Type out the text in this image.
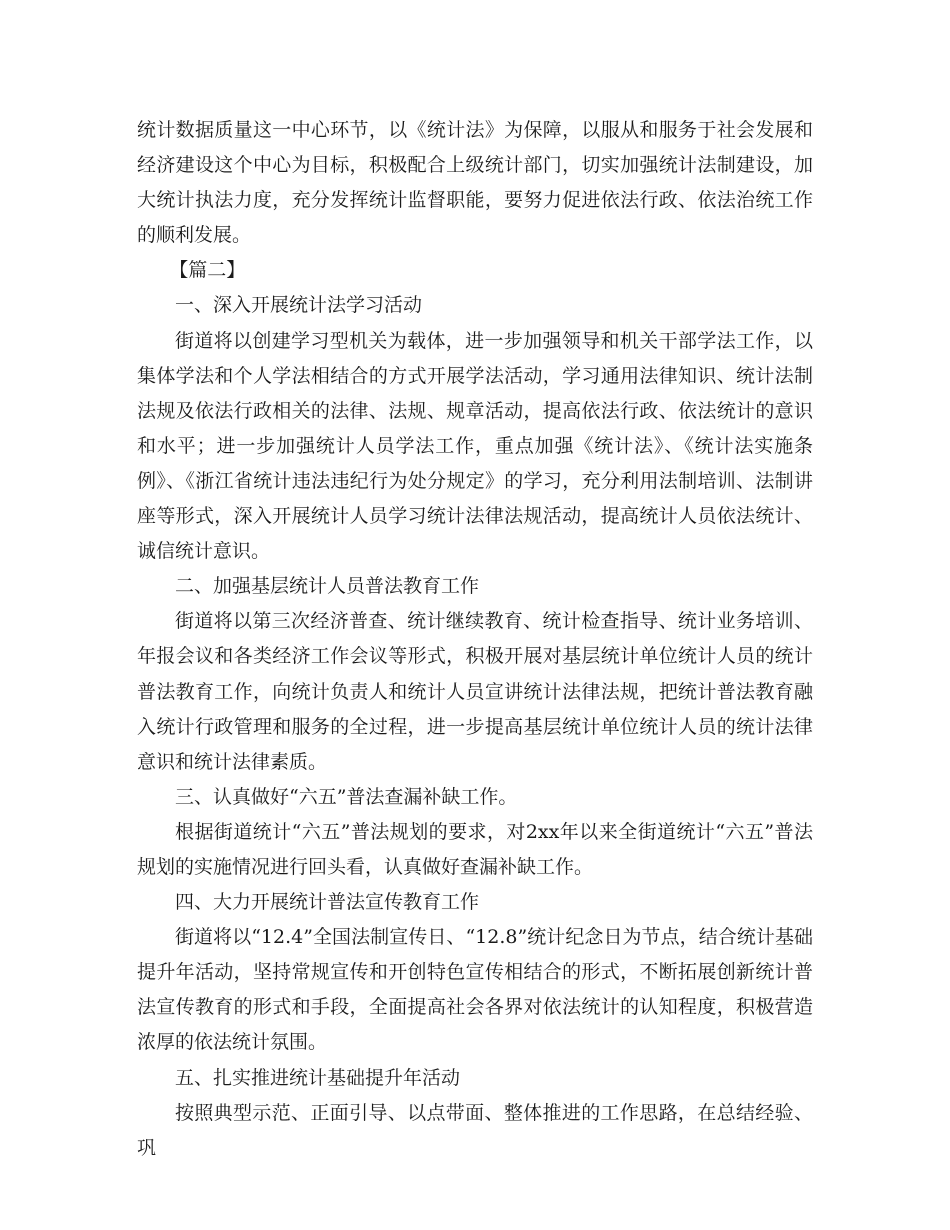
统计数据质量这一中心环节，以《统计法》为保障，以服从和服务于社会发展和经济建设这个中心为目标，积极配合上级统计部门，切实加强统计法制建设，加大统计执法力度，充分发挥统计监督职能，要努力促进依法行政、依法治统工作的顺利发展。

【篇二】

一、深入开展统计法学习活动

街道将以创建学习型机关为载体，进一步加强领导和机关干部学法工作，以集体学法和个人学法相结合的方式开展学法活动，学习通用法律知识、统计法制法规及依法行政相关的法律、法规、规章活动，提高依法行政、依法统计的意识和水平；进一步加强统计人员学法工作，重点加强《统计法》、《统计法实施条例》、《浙江省统计违法违纪行为处分规定》的学习，充分利用法制培训、法制讲座等形式，深入开展统计人员学习统计法律法规活动，提高统计人员依法统计、诚信统计意识。

二、加强基层统计人员普法教育工作

街道将以第三次经济普查、统计继续教育、统计检查指导、统计业务培训、年报会议和各类经济工作会议等形式，积极开展对基层统计单位统计人员的统计普法教育工作，向统计负责人和统计人员宣讲统计法律法规，把统计普法教育融入统计行政管理和服务的全过程，进一步提高基层统计单位统计人员的统计法律意识和统计法律素质。

三、认真做好“六五”普法查漏补缺工作。

根据街道统计“六五”普法规划的要求，对2xx年以来全街道统计“六五”普法规划的实施情况进行回头看，认真做好查漏补缺工作。

四、大力开展统计普法宣传教育工作

街道将以“12.4”全国法制宣传日、“12.8”统计纪念日为节点，结合统计基础提升年活动，坚持常规宣传和开创特色宣传相结合的形式，不断拓展创新统计普法宣传教育的形式和手段，全面提高社会各界对依法统计的认知程度，积极营造浓厚的依法统计氛围。

五、扎实推进统计基础提升年活动

按照典型示范、正面引导、以点带面、整体推进的工作思路，在总结经验、巩
